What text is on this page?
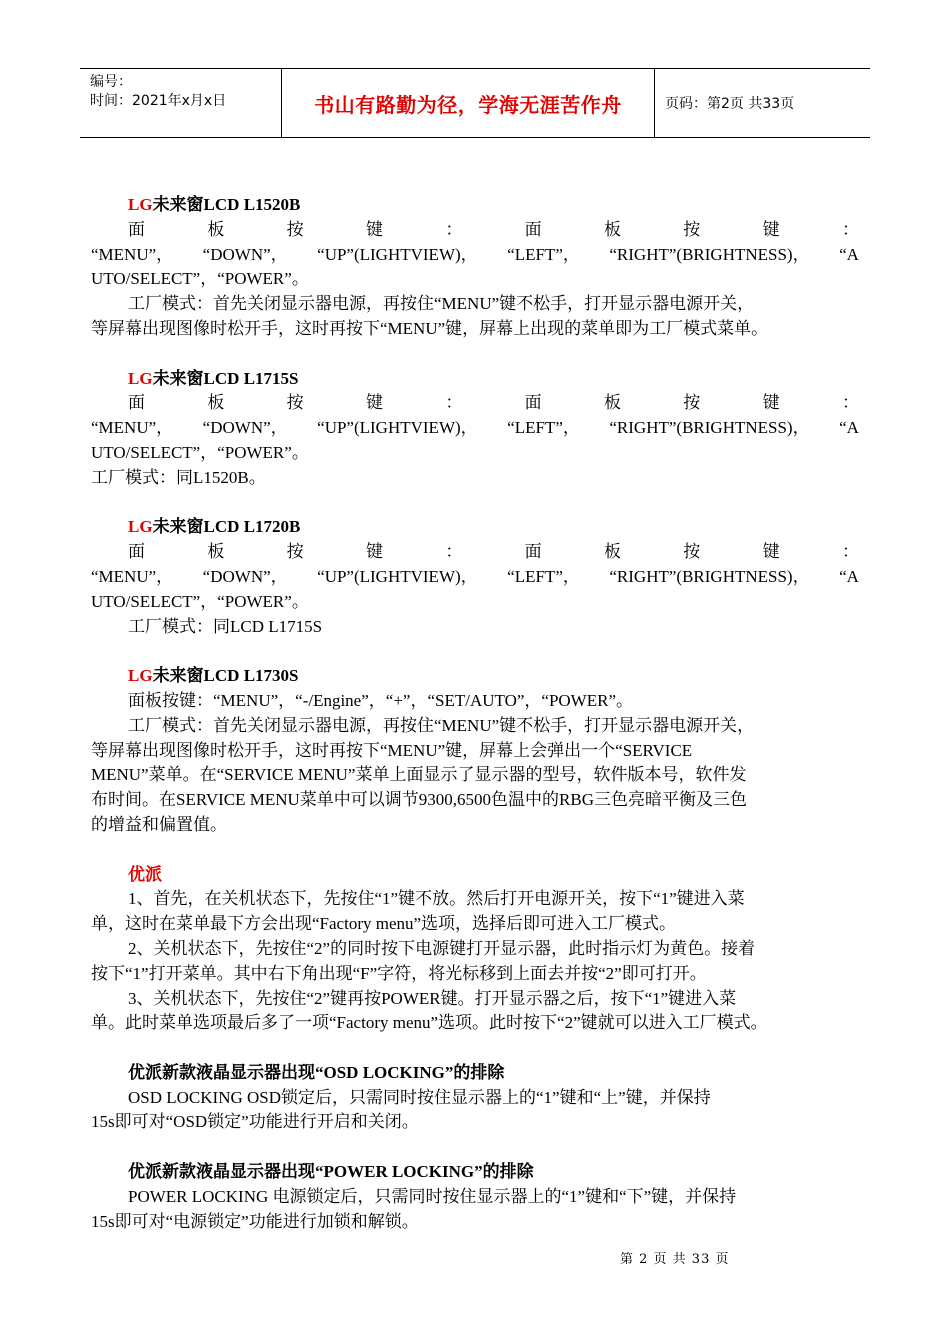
编号：
时间：2021年x月x日	书山有路勤为径，学海无涯苦作舟	页码：第2页 共33页
LG未来窗LCD L1520B
面	板	按	键	：	面	板	按	键	：
“MENU”， “DOWN”， “UP”(LIGHTVIEW)， “LEFT”， “RIGHT”(BRIGHTNESS)， “A
UTO/SELECT”，“POWER”。
工厂模式：首先关闭显示器电源，再按住“MENU”键不松手，打开显示器电源开关，
等屏幕出现图像时松开手，这时再按下“MENU”键，屏幕上出现的菜单即为工厂模式菜单。
LG未来窗LCD L1715S
面	板	按	键	：	面	板	按	键	：
“MENU”， “DOWN”， “UP”(LIGHTVIEW)， “LEFT”， “RIGHT”(BRIGHTNESS)， “A
UTO/SELECT”，“POWER”。
工厂模式：同L1520B。
LG未来窗LCD L1720B
面	板	按	键	：	面	板	按	键	：
“MENU”， “DOWN”， “UP”(LIGHTVIEW)， “LEFT”， “RIGHT”(BRIGHTNESS)， “A
UTO/SELECT”，“POWER”。
工厂模式：同LCD L1715S
LG未来窗LCD L1730S
面板按键：“MENU”，“-/Engine”，“+”，“SET/AUTO”，“POWER”。
工厂模式：首先关闭显示器电源，再按住“MENU”键不松手，打开显示器电源开关，
等屏幕出现图像时松开手，这时再按下“MENU”键，屏幕上会弹出一个“SERVICE
MENU”菜单。在“SERVICE MENU”菜单上面显示了显示器的型号，软件版本号，软件发
布时间。在SERVICE MENU菜单中可以调节9300,6500色温中的RBG三色亮暗平衡及三色
的增益和偏置值。
优派
1、首先，在关机状态下，先按住“1”键不放。然后打开电源开关，按下“1”键进入菜
单，这时在菜单最下方会出现“Factory menu”选项，选择后即可进入工厂模式。
2、关机状态下，先按住“2”的同时按下电源键打开显示器，此时指示灯为黄色。接着
按下“1”打开菜单。其中右下角出现“F”字符，将光标移到上面去并按“2”即可打开。
3、关机状态下，先按住“2”键再按POWER键。打开显示器之后，按下“1”键进入菜
单。此时菜单选项最后多了一项“Factory menu”选项。此时按下“2”键就可以进入工厂模式。
优派新款液晶显示器出现“OSD LOCKING”的排除
OSD LOCKING OSD锁定后，只需同时按住显示器上的“1”键和“上”键，并保持
15s即可对“OSD锁定”功能进行开启和关闭。
优派新款液晶显示器出现“POWER LOCKING”的排除
POWER LOCKING 电源锁定后，只需同时按住显示器上的“1”键和“下”键，并保持
15s即可对“电源锁定”功能进行加锁和解锁。
第 2 页 共 33 页
